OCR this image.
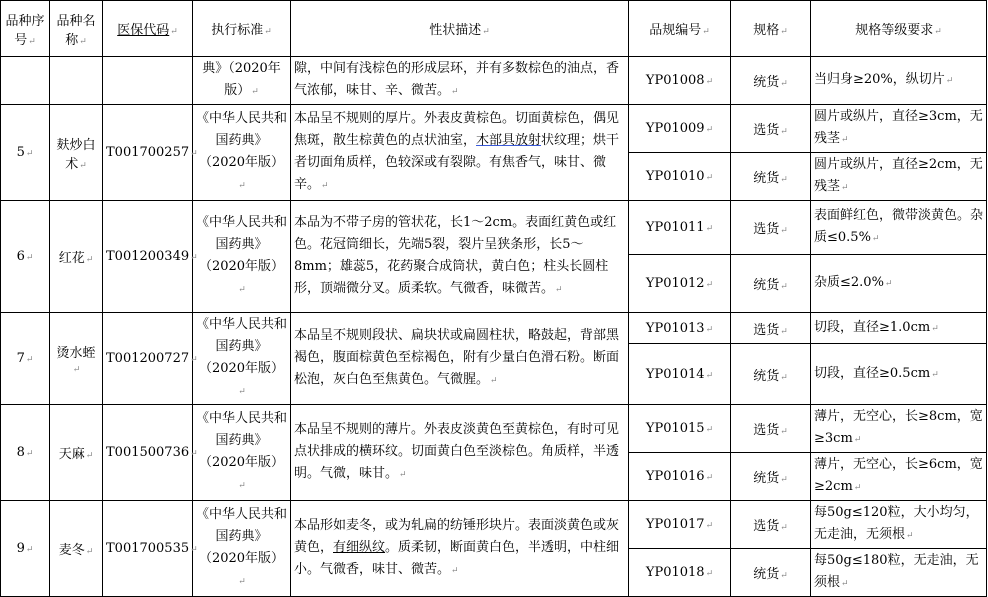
品种序号↵	品种名称↵	医保代码↵	执行标准↵	性状描述↵	品规编号↵	规格↵	规格等级要求↵
			典》（2020年版）↵	隙，中间有浅棕色的形成层环，并有多数棕色的油点，香气浓郁，味甘、辛、微苦。↵	YP01008↵	统货↵	当归身≥20%，纵切片↵
5↵	麸炒白术↵	T001700257↵	《中华人民共和国药典》（2020年版）↵	本品呈不规则的厚片。外表皮黄棕色。切面黄棕色，偶见焦斑，散生棕黄色的点状油室，木部具放射状纹理；烘干者切面角质样，色较深或有裂隙。有焦香气，味甘、微辛。↵	YP01009↵	选货↵	圆片或纵片，直径≥3cm，无残茎↵
					YP01010↵	统货↵	圆片或纵片，直径≥2cm，无残茎↵
6↵	红花↵	T001200349↵	《中华人民共和国药典》（2020年版）↵	本品为不带子房的管状花，长1～2cm。表面红黄色或红色。花冠筒细长，先端5裂，裂片呈狭条形，长5～8mm；雄蕊5，花药聚合成筒状，黄白色；柱头长圆柱形，顶端微分叉。质柔软。气微香，味微苦。↵	YP01011↵	选货↵	表面鲜红色，微带淡黄色。杂质≤0.5%↵
					YP01012↵	统货↵	杂质≤2.0%↵
7↵	烫水蛭↵	T001200727↵	《中华人民共和国药典》（2020年版）↵	本品呈不规则段状、扁块状或扁圆柱状，略鼓起，背部黑褐色，腹面棕黄色至棕褐色，附有少量白色滑石粉。断面松泡，灰白色至焦黄色。气微腥。↵	YP01013↵	选货↵	切段，直径≥1.0cm↵
					YP01014↵	统货↵	切段，直径≥0.5cm↵
8↵	天麻↵	T001500736↵	《中华人民共和国药典》（2020年版）↵	本品呈不规则的薄片。外表皮淡黄色至黄棕色，有时可见点状排成的横环纹。切面黄白色至淡棕色。角质样，半透明。气微，味甘。↵	YP01015↵	选货↵	薄片，无空心，长≥8cm，宽≥3cm↵
					YP01016↵	统货↵	薄片，无空心，长≥6cm，宽≥2cm↵
9↵	麦冬↵	T001700535↵	《中华人民共和国药典》（2020年版）↵	本品形如麦冬，或为轧扁的纺锤形块片。表面淡黄色或灰黄色，有细纵纹。质柔韧，断面黄白色，半透明，中柱细小。气微香，味甘、微苦。↵	YP01017↵	选货↵	每50g≤120粒，大小均匀，无走油，无须根↵
					YP01018↵	统货↵	每50g≤180粒，无走油，无须根↵
